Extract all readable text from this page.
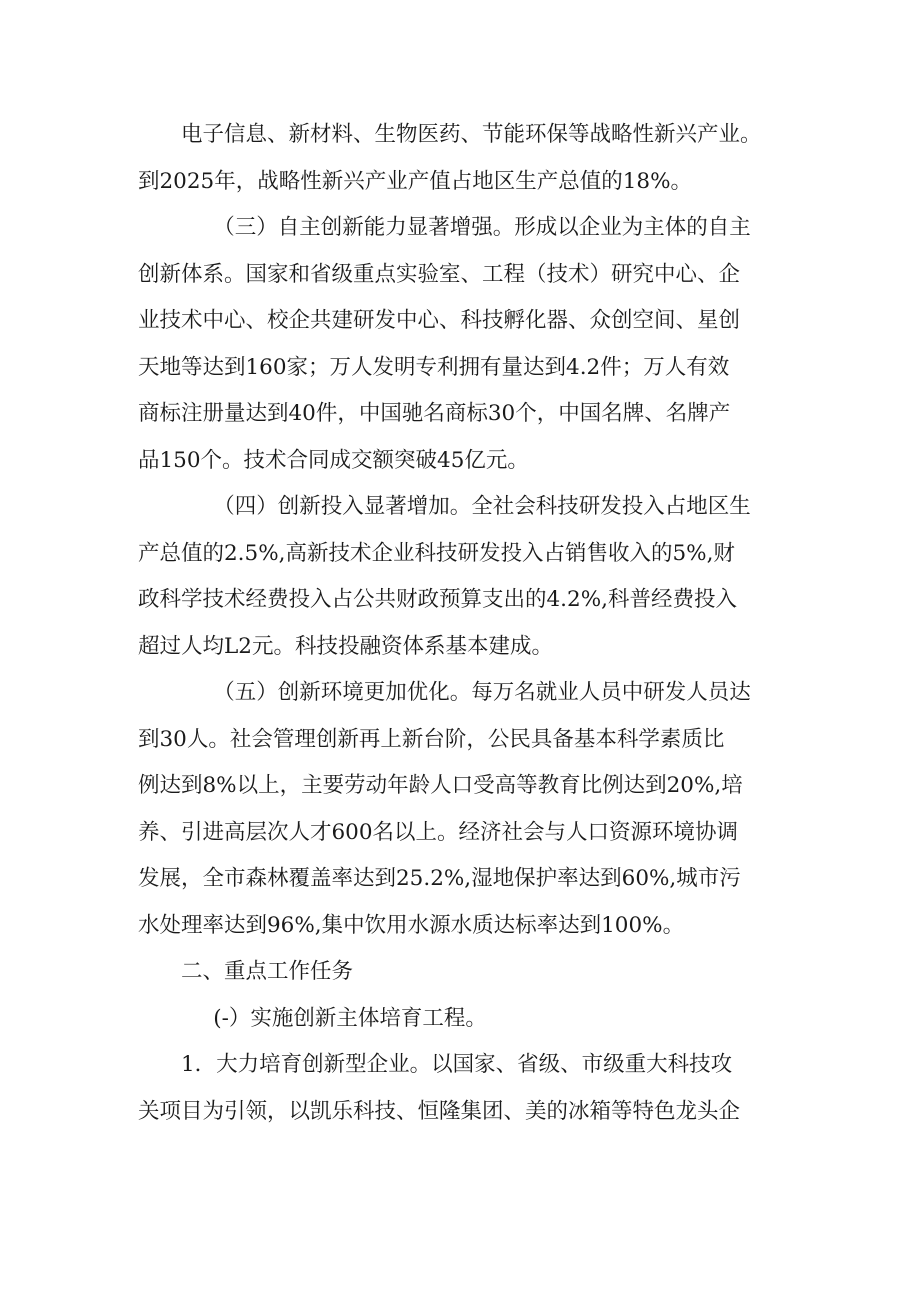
电子信息、新材料、生物医药、节能环保等战略性新兴产业。
到2025年，战略性新兴产业产值占地区生产总值的18%。

（三）自主创新能力显著增强。形成以企业为主体的自主
创新体系。国家和省级重点实验室、工程（技术）研究中心、企
业技术中心、校企共建研发中心、科技孵化器、众创空间、星创
天地等达到160家；万人发明专利拥有量达到4.2件；万人有效
商标注册量达到40件，中国驰名商标30个，中国名牌、名牌产
品150个。技术合同成交额突破45亿元。

（四）创新投入显著增加。全社会科技研发投入占地区生
产总值的2.5%,高新技术企业科技研发投入占销售收入的5%,财
政科学技术经费投入占公共财政预算支出的4.2%,科普经费投入
超过人均L2元。科技投融资体系基本建成。

（五）创新环境更加优化。每万名就业人员中研发人员达
到30人。社会管理创新再上新台阶，公民具备基本科学素质比
例达到8%以上，主要劳动年龄人口受高等教育比例达到20%,培
养、引进高层次人才600名以上。经济社会与人口资源环境协调
发展，全市森林覆盖率达到25.2%,湿地保护率达到60%,城市污
水处理率达到96%,集中饮用水源水质达标率达到100%。

二、重点工作任务

(-）实施创新主体培育工程。

1．大力培育创新型企业。以国家、省级、市级重大科技攻
关项目为引领，以凯乐科技、恒隆集团、美的冰箱等特色龙头企
